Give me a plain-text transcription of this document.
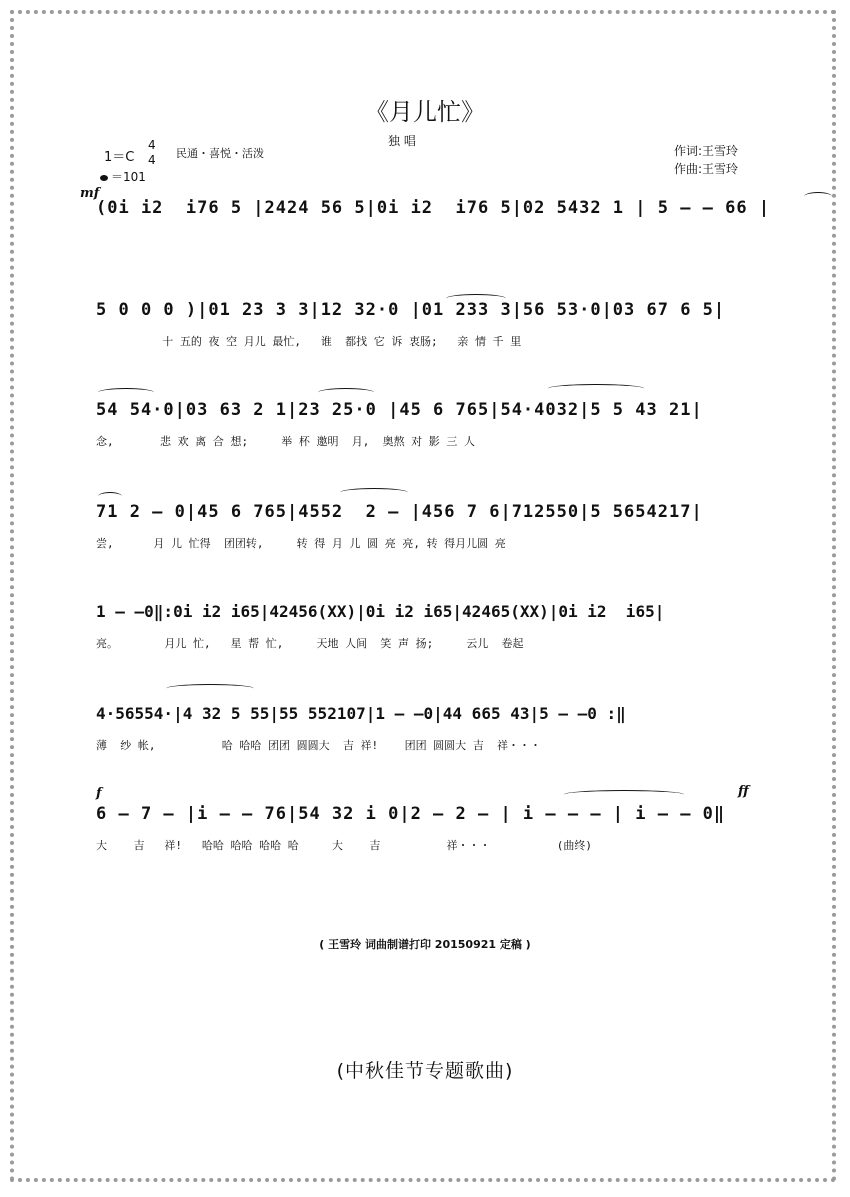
《月儿忙》
独 唱
1＝C
4
4 民通・喜悦・活泼
＝101
作词:王雪玲
作曲:王雪玲
mf
f	ff
(0i i2  i76 5 |2424 56 5|0i i2  i76 5|02 5432 1 | 5 – – 66 |
5 0 0 0 )|01 23 3 3|12 32·0 |01 233 3|56 53·0|03 67 6 5|
十 五的 夜 空 月儿 最忙,   谁  都找 它 诉 衷肠;   亲 情 千 里
54 54·0|03 63 2 1|23 25·0 |45 6 765|54·4032|5 5 43 21|
念,       悲 欢 离 合 想;     举 杯 邀明  月,  奥熬 对 影 三 人
71 2 – 0|45 6 765|4552  2 – |456 7 6|712550|5 5654217|
尝,      月 儿 忙得  团团转,     转 得 月 儿 圆 亮 亮, 转 得月儿圆 亮
1 – –0‖:0i i2 i65|42456(XX)|0i i2 i65|42465(XX)|0i i2  i65|
亮。       月儿 忙,   星 帮 忙,     天地 人间  笑 声 扬;     云儿  卷起
4·56554·|4 32 5 55|55 552107|1 – –0|44 665 43|5 – –0 :‖
薄  纱 帐,          哈 哈哈 团团 圆圆大  吉 祥!    团团 圆圆大 吉  祥・・・
6 – 7 – |i – – 76|54 32 i 0|2 – 2 – | i – – – | i – – 0‖
大    吉   祥!   哈哈 哈哈 哈哈 哈     大    吉          祥・・・          (曲终)
( 王雪玲 词曲制谱打印 20150921 定稿 )
(中秋佳节专题歌曲)
